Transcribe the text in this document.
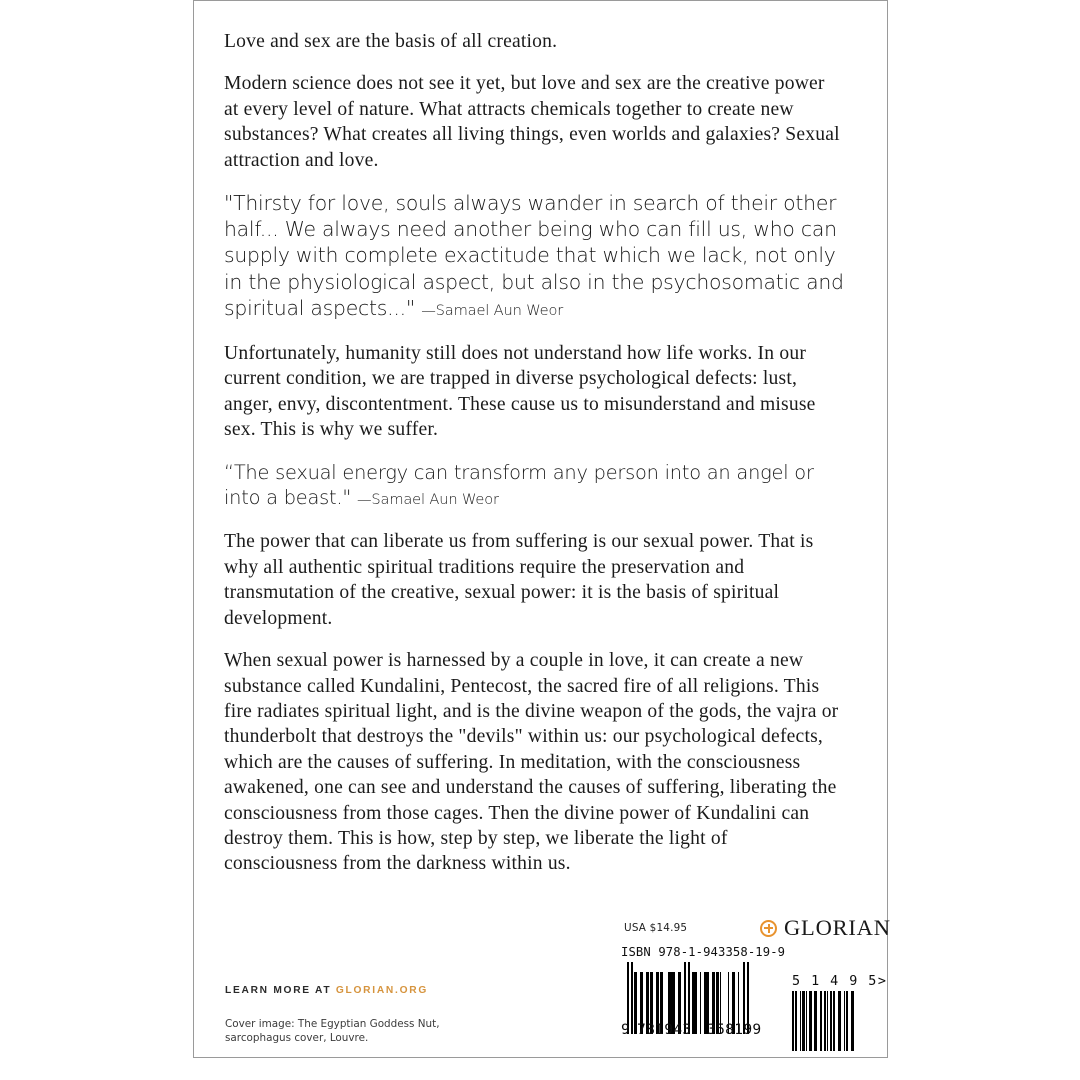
Love and sex are the basis of all creation.

Modern science does not see it yet, but love and sex are the creative power at every level of nature. What attracts chemicals together to create new substances? What creates all living things, even worlds and galaxies? Sexual attraction and love.

"Thirsty for love, souls always wander in search of their other half... We always need another being who can fill us, who can supply with complete exactitude that which we lack, not only in the physiological aspect, but also in the psychosomatic and spiritual aspects..." —Samael Aun Weor

Unfortunately, humanity still does not understand how life works. In our current condition, we are trapped in diverse psychological defects: lust, anger, envy, discontentment. These cause us to misunderstand and misuse sex. This is why we suffer.

“The sexual energy can transform any person into an angel or into a beast." —Samael Aun Weor

The power that can liberate us from suffering is our sexual power. That is why all authentic spiritual traditions require the preservation and transmutation of the creative, sexual power: it is the basis of spiritual development.

When sexual power is harnessed by a couple in love, it can create a new substance called Kundalini, Pentecost, the sacred fire of all religions. This fire radiates spiritual light, and is the divine weapon of the gods, the vajra or thunderbolt that destroys the "devils" within us: our psychological defects, which are the causes of suffering. In meditation, with the consciousness awakened, one can see and understand the causes of suffering, liberating the consciousness from those cages. Then the divine power of Kundalini can destroy them. This is how, step by step, we liberate the light of consciousness from the darkness within us.

USA $14.95	GLORIAN
ISBN 978-1-943358-19-9
9 781943 358199
5 1 4 9 5>
LEARN MORE AT GLORIAN.ORG
Cover image: The Egyptian Goddess Nut, sarcophagus cover, Louvre.
